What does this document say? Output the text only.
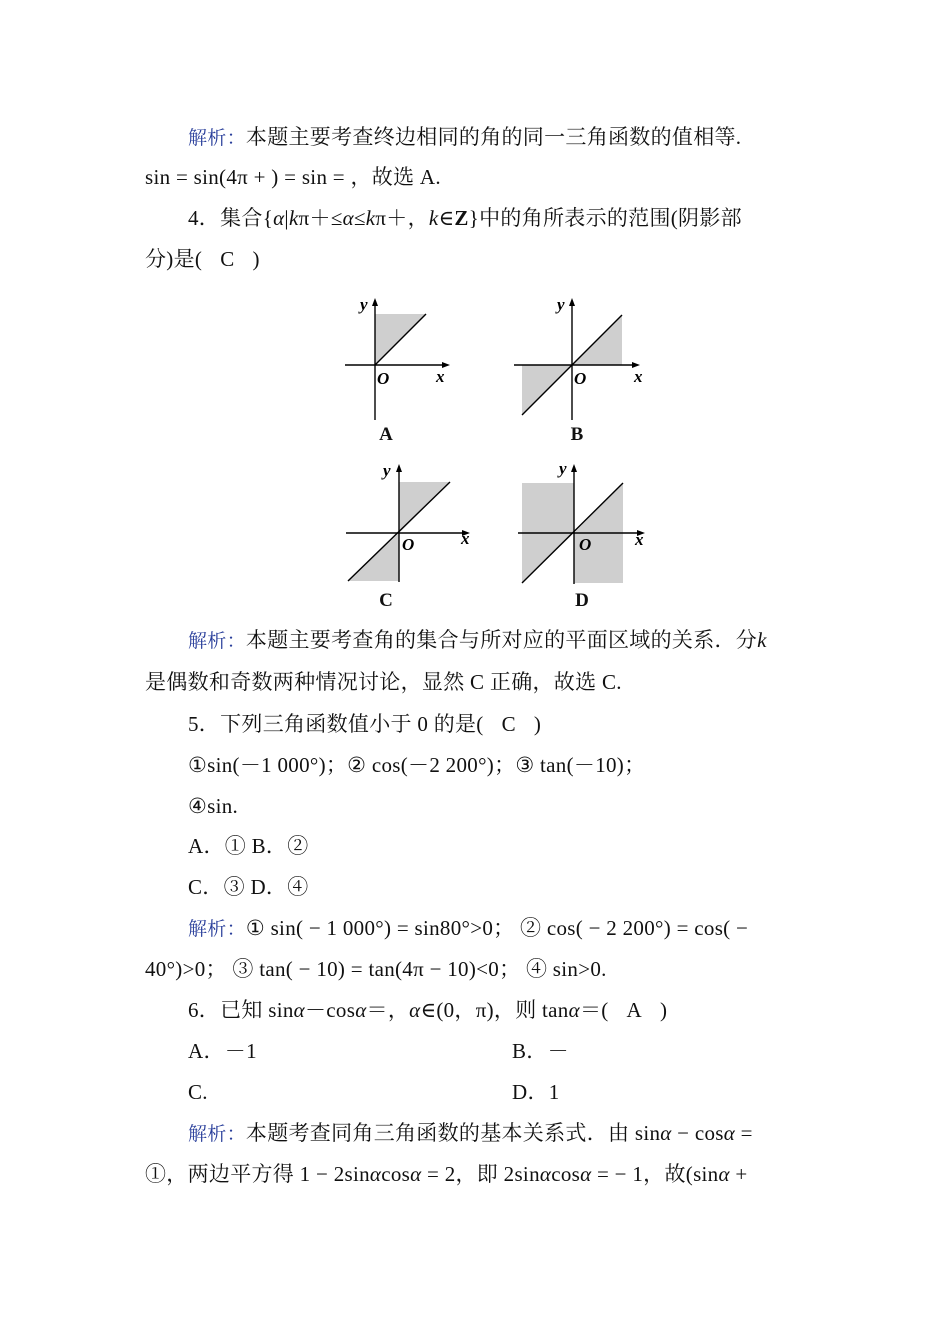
解析：本题主要考查终边相同的角的同一三角函数的值相等.
sin = sin(4π + ) = sin = ，故选 A.
4．集合{α|kπ＋≤α≤kπ＋，k∈Z}中的角所表示的范围(阴影部
分)是( C )
y
x
O
A
y
x
O
B
y
x
O
C
y
x
O
D
解析：本题主要考查角的集合与所对应的平面区域的关系．分k
是偶数和奇数两种情况讨论，显然 C 正确，故选 C.
5．下列三角函数值小于 0 的是( C )
①sin(－1 000°)；② cos(－2 200°)；③ tan(－10)；
④sin.
A．① B．②
C．③ D．④
解析：① sin( − 1 000°) = sin80°>0； ② cos( − 2 200°) = cos( −
40°)>0； ③ tan( − 10) = tan(4π − 10)<0； ④ sin>0.
6．已知 sinα－cosα＝，α∈(0，π)，则 tanα＝( A )
A．－1	B．－
C.	D．1
解析：本题考查同角三角函数的基本关系式．由 sinα − cosα =
①，两边平方得 1 − 2sinαcosα = 2，即 2sinαcosα = − 1，故(sinα +
